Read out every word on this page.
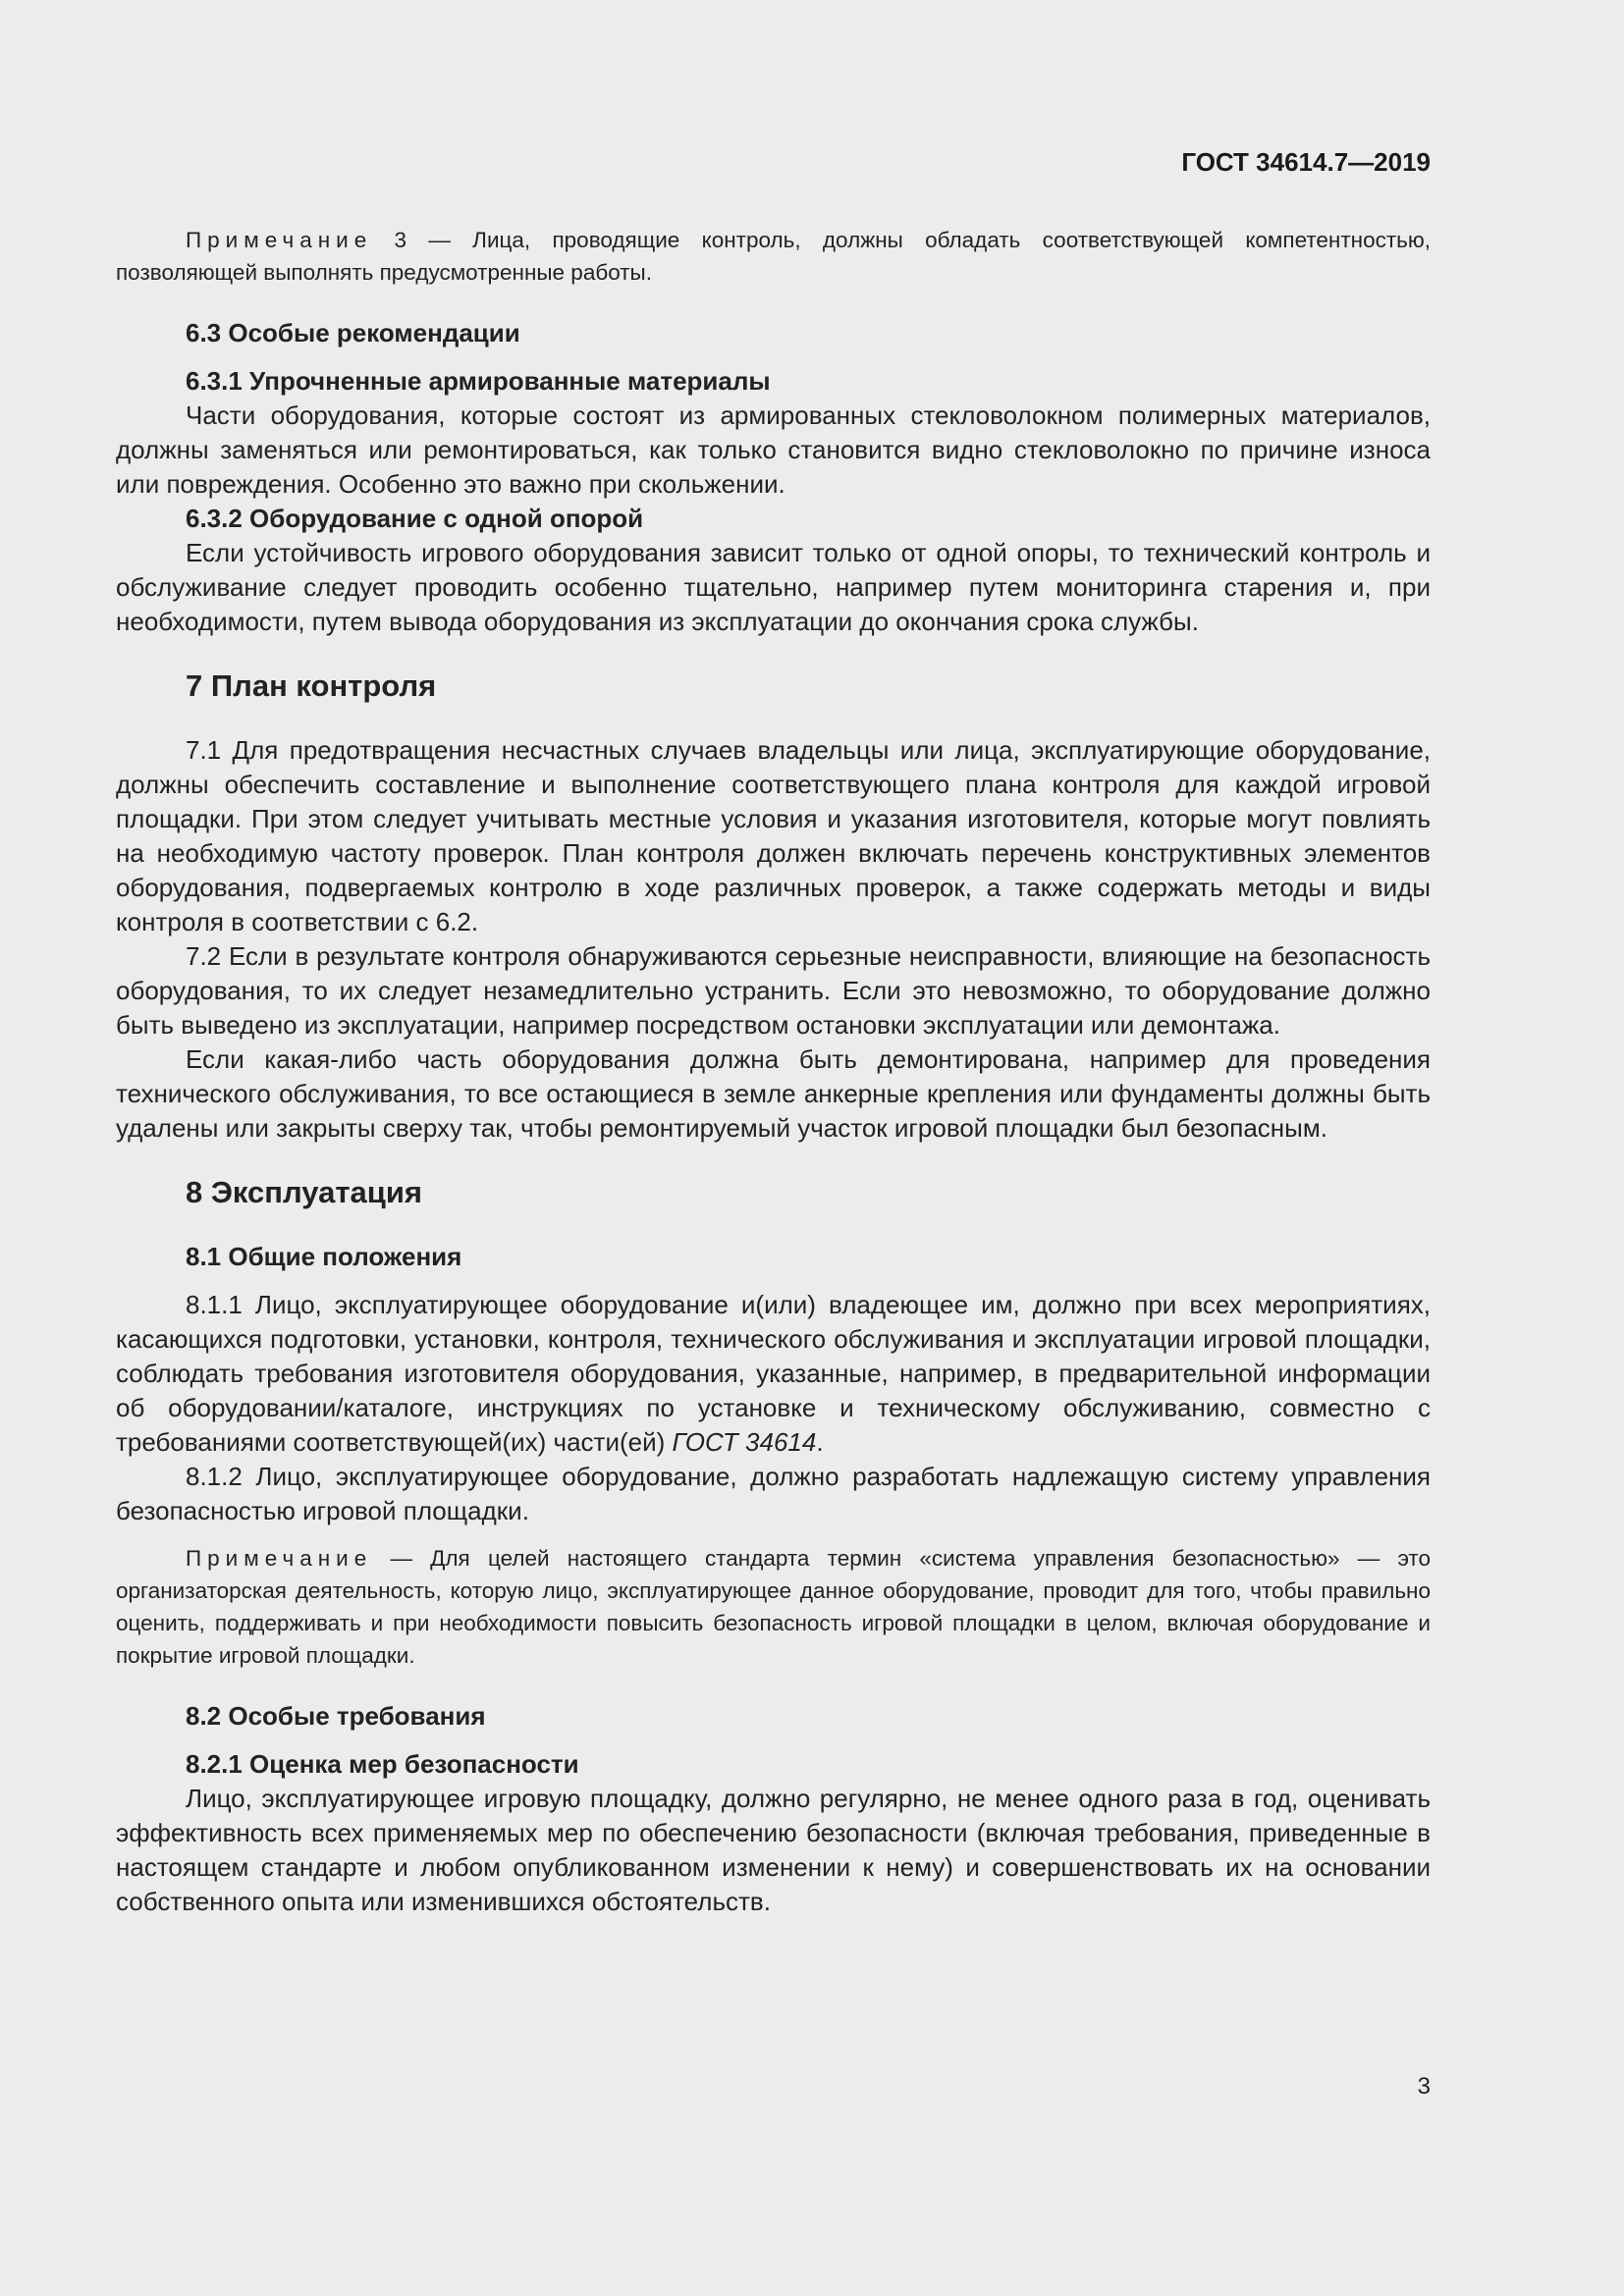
ГОСТ 34614.7—2019

Примечание 3 — Лица, проводящие контроль, должны обладать соответствующей компетентностью, позволяющей выполнять предусмотренные работы.

6.3 Особые рекомендации

6.3.1 Упрочненные армированные материалы

Части оборудования, которые состоят из армированных стекловолокном полимерных материалов, должны заменяться или ремонтироваться, как только становится видно стекловолокно по причине износа или повреждения. Особенно это важно при скольжении.

6.3.2 Оборудование с одной опорой

Если устойчивость игрового оборудования зависит только от одной опоры, то технический контроль и обслуживание следует проводить особенно тщательно, например путем мониторинга старения и, при необходимости, путем вывода оборудования из эксплуатации до окончания срока службы.

7 План контроля

7.1 Для предотвращения несчастных случаев владельцы или лица, эксплуатирующие оборудование, должны обеспечить составление и выполнение соответствующего плана контроля для каждой игровой площадки. При этом следует учитывать местные условия и указания изготовителя, которые могут повлиять на необходимую частоту проверок. План контроля должен включать перечень конструктивных элементов оборудования, подвергаемых контролю в ходе различных проверок, а также содержать методы и виды контроля в соответствии с 6.2.

7.2 Если в результате контроля обнаруживаются серьезные неисправности, влияющие на безопасность оборудования, то их следует незамедлительно устранить. Если это невозможно, то оборудование должно быть выведено из эксплуатации, например посредством остановки эксплуатации или демонтажа.

Если какая-либо часть оборудования должна быть демонтирована, например для проведения технического обслуживания, то все остающиеся в земле анкерные крепления или фундаменты должны быть удалены или закрыты сверху так, чтобы ремонтируемый участок игровой площадки был безопасным.

8 Эксплуатация

8.1 Общие положения

8.1.1 Лицо, эксплуатирующее оборудование и(или) владеющее им, должно при всех мероприятиях, касающихся подготовки, установки, контроля, технического обслуживания и эксплуатации игровой площадки, соблюдать требования изготовителя оборудования, указанные, например, в предварительной информации об оборудовании/каталоге, инструкциях по установке и техническому обслуживанию, совместно с требованиями соответствующей(их) части(ей) ГОСТ 34614.

8.1.2 Лицо, эксплуатирующее оборудование, должно разработать надлежащую систему управления безопасностью игровой площадки.

Примечание — Для целей настоящего стандарта термин «система управления безопасностью» — это организаторская деятельность, которую лицо, эксплуатирующее данное оборудование, проводит для того, чтобы правильно оценить, поддерживать и при необходимости повысить безопасность игровой площадки в целом, включая оборудование и покрытие игровой площадки.

8.2 Особые требования

8.2.1 Оценка мер безопасности

Лицо, эксплуатирующее игровую площадку, должно регулярно, не менее одного раза в год, оценивать эффективность всех применяемых мер по обеспечению безопасности (включая требования, приведенные в настоящем стандарте и любом опубликованном изменении к нему) и совершенствовать их на основании собственного опыта или изменившихся обстоятельств.

3
